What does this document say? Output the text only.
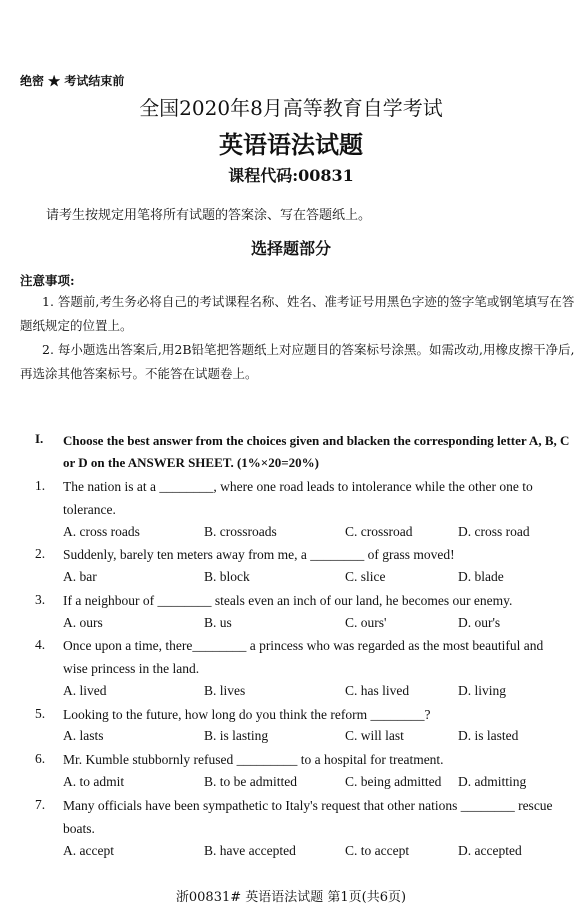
绝密 ★ 考试结束前
全国2020年8月高等教育自学考试
英语语法试题
课程代码:00831
请考生按规定用笔将所有试题的答案涂、写在答题纸上。
选择题部分
注意事项:
1. 答题前,考生务必将自己的考试课程名称、姓名、准考证号用黑色字迹的签字笔或钢笔填写在答题纸规定的位置上。
2. 每小题选出答案后,用2B铅笔把答题纸上对应题目的答案标号涂黑。如需改动,用橡皮擦干净后,再选涂其他答案标号。不能答在试题卷上。
I. Choose the best answer from the choices given and blacken the corresponding letter A, B, C or D on the ANSWER SHEET. (1%×20=20%)
1. The nation is at a ________, where one road leads to intolerance while the other one to tolerance.
A. cross roads	B. crossroads	C. crossroad	D. cross road
2. Suddenly, barely ten meters away from me, a ________ of grass moved!
A. bar	B. block	C. slice	D. blade
3. If a neighbour of ________ steals even an inch of our land, he becomes our enemy.
A. ours	B. us	C. ours'	D. our's
4. Once upon a time, there________ a princess who was regarded as the most beautiful and wise princess in the land.
A. lived	B. lives	C. has lived	D. living
5. Looking to the future, how long do you think the reform ________?
A. lasts	B. is lasting	C. will last	D. is lasted
6. Mr. Kumble stubbornly refused _________ to a hospital for treatment.
A. to admit	B. to be admitted	C. being admitted D. admitting
7. Many officials have been sympathetic to Italy's request that other nations ________ rescue boats.
A. accept	B. have accepted	C. to accept	D. accepted
浙00831# 英语语法试题 第1页(共6页)
